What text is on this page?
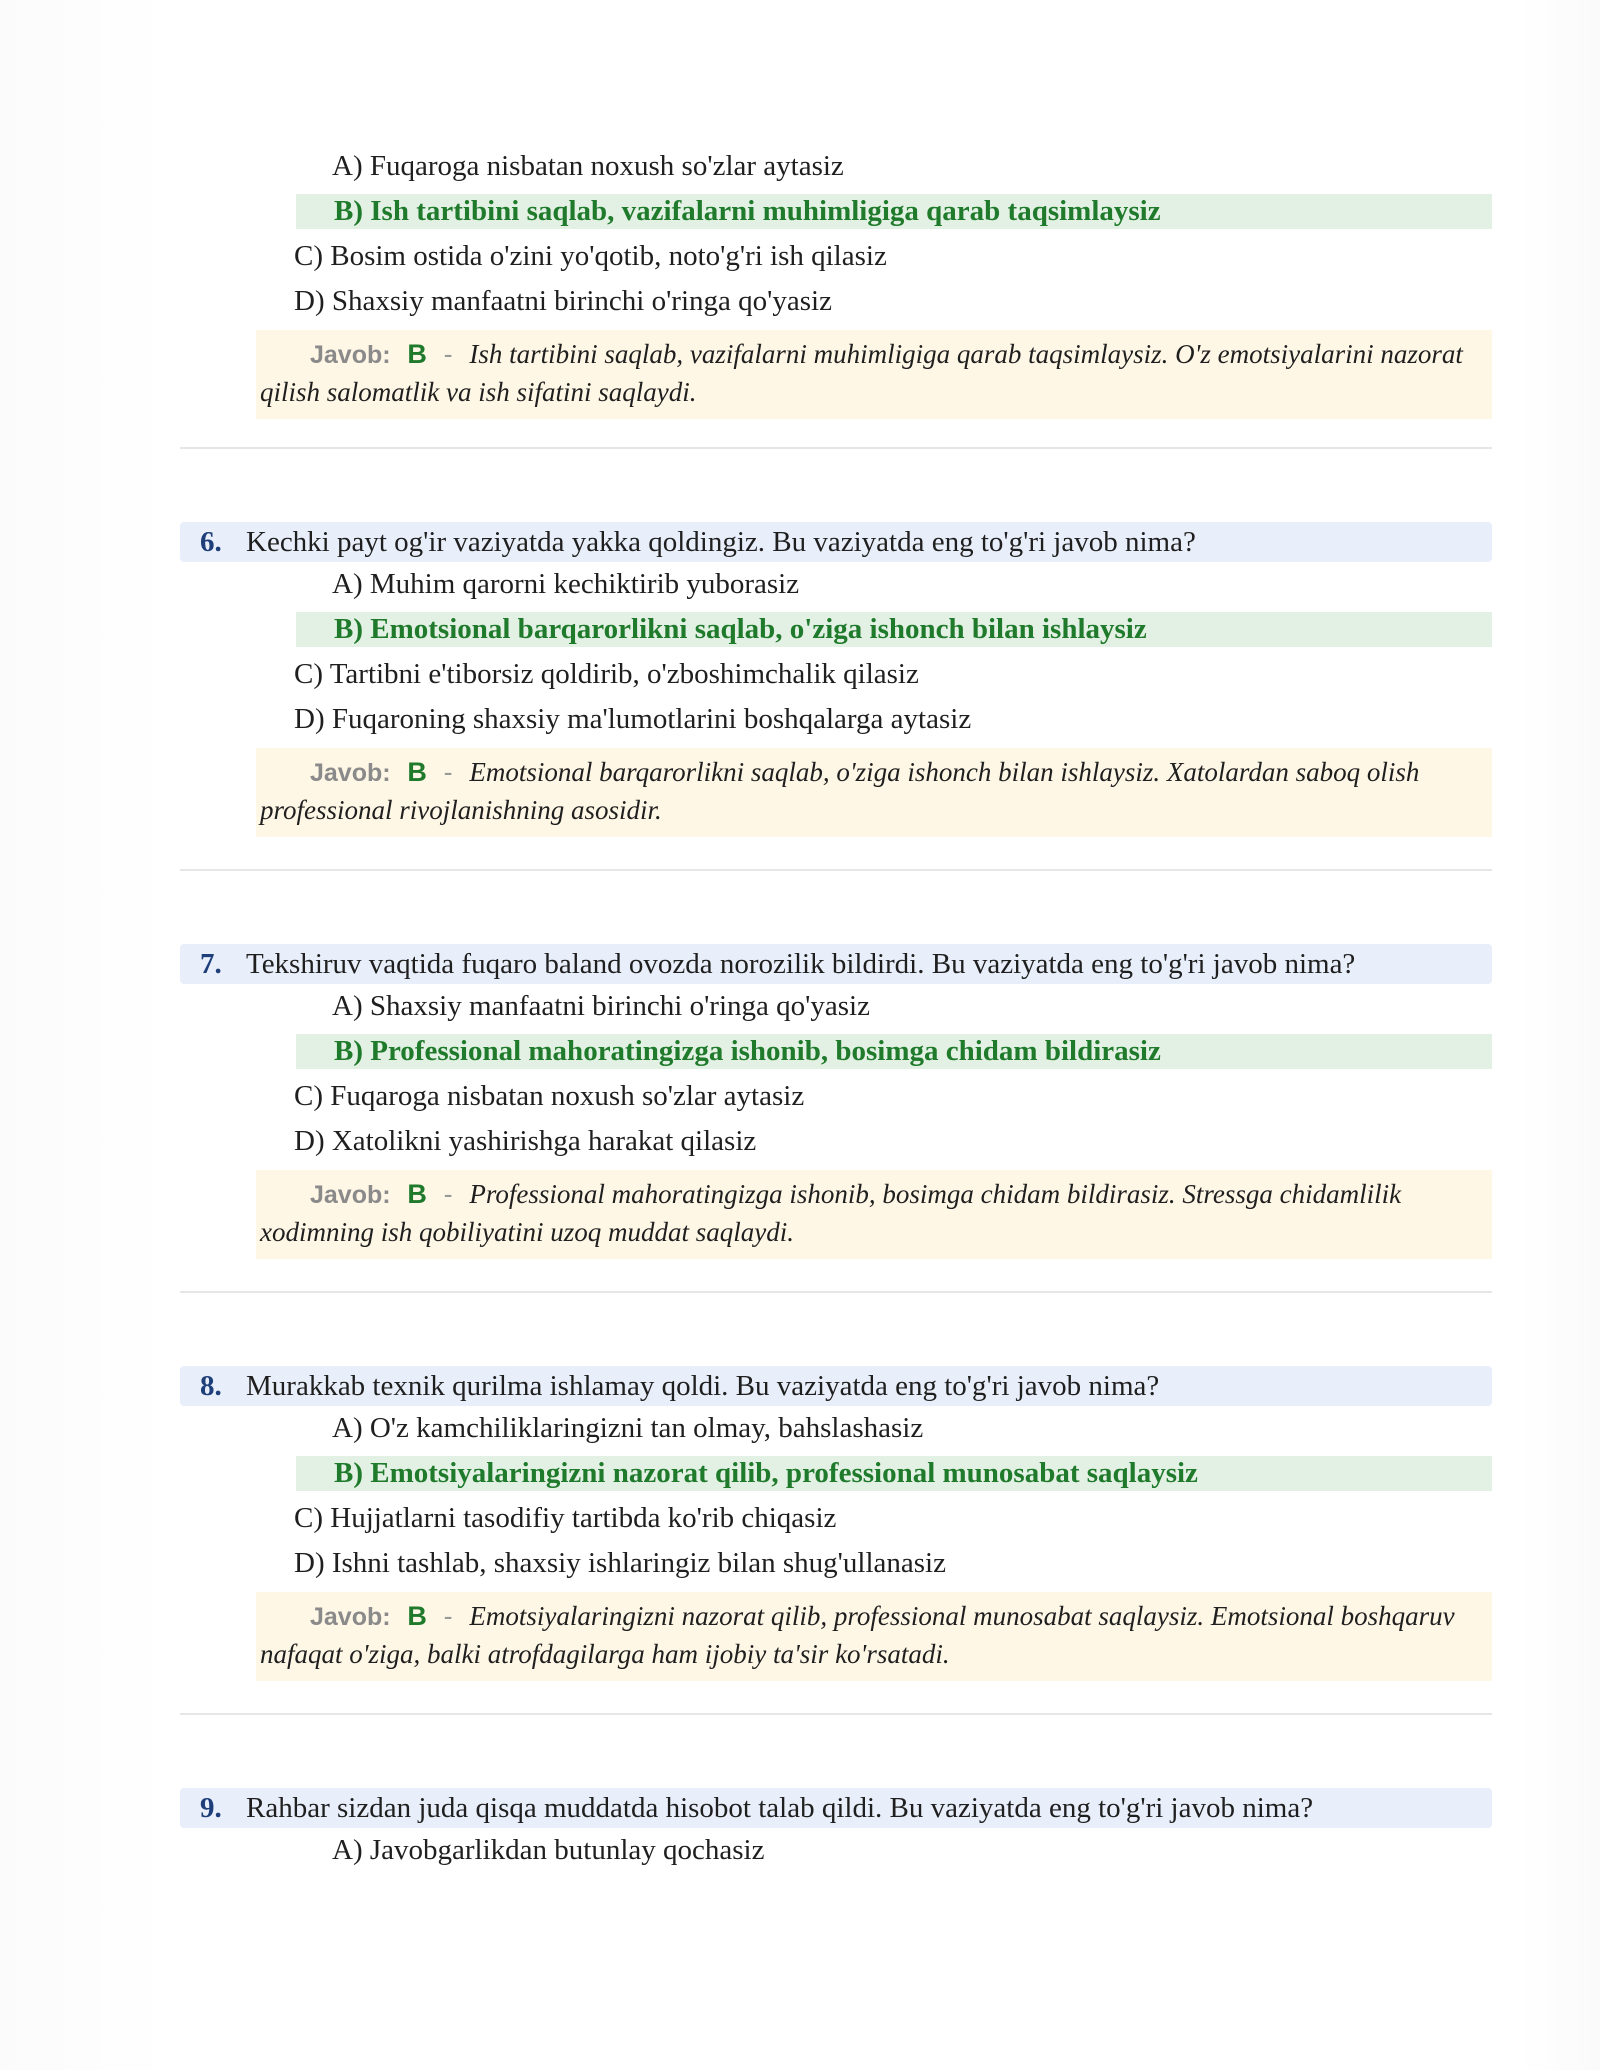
A) Fuqaroga nisbatan noxush so'zlar aytasiz
B) Ish tartibini saqlab, vazifalarni muhimligiga qarab taqsimlaysiz
C) Bosim ostida o'zini yo'qotib, noto'g'ri ish qilasiz
D) Shaxsiy manfaatni birinchi o'ringa qo'yasiz
Javob: B - Ish tartibini saqlab, vazifalarni muhimligiga qarab taqsimlaysiz. O'z emotsiyalarini nazorat qilish salomatlik va ish sifatini saqlaydi.
6. Kechki payt og'ir vaziyatda yakka qoldingiz. Bu vaziyatda eng to'g'ri javob nima?
A) Muhim qarorni kechiktirib yuborasiz
B) Emotsional barqarorlikni saqlab, o'ziga ishonch bilan ishlaysiz
C) Tartibni e'tiborsiz qoldirib, o'zboshimchalik qilasiz
D) Fuqaroning shaxsiy ma'lumotlarini boshqalarga aytasiz
Javob: B - Emotsional barqarorlikni saqlab, o'ziga ishonch bilan ishlaysiz. Xatolardan saboq olish professional rivojlanishning asosidir.
7. Tekshiruv vaqtida fuqaro baland ovozda norozilik bildirdi. Bu vaziyatda eng to'g'ri javob nima?
A) Shaxsiy manfaatni birinchi o'ringa qo'yasiz
B) Professional mahoratingizga ishonib, bosimga chidam bildirasiz
C) Fuqaroga nisbatan noxush so'zlar aytasiz
D) Xatolikni yashirishga harakat qilasiz
Javob: B - Professional mahoratingizga ishonib, bosimga chidam bildirasiz. Stressga chidamlilik xodimning ish qobiliyatini uzoq muddat saqlaydi.
8. Murakkab texnik qurilma ishlamay qoldi. Bu vaziyatda eng to'g'ri javob nima?
A) O'z kamchiliklaringizni tan olmay, bahslashasiz
B) Emotsiyalaringizni nazorat qilib, professional munosabat saqlaysiz
C) Hujjatlarni tasodifiy tartibda ko'rib chiqasiz
D) Ishni tashlab, shaxsiy ishlaringiz bilan shug'ullanasiz
Javob: B - Emotsiyalaringizni nazorat qilib, professional munosabat saqlaysiz. Emotsional boshqaruv nafaqat o'ziga, balki atrofdagilarga ham ijobiy ta'sir ko'rsatadi.
9. Rahbar sizdan juda qisqa muddatda hisobot talab qildi. Bu vaziyatda eng to'g'ri javob nima?
A) Javobgarlikdan butunlay qochasiz
